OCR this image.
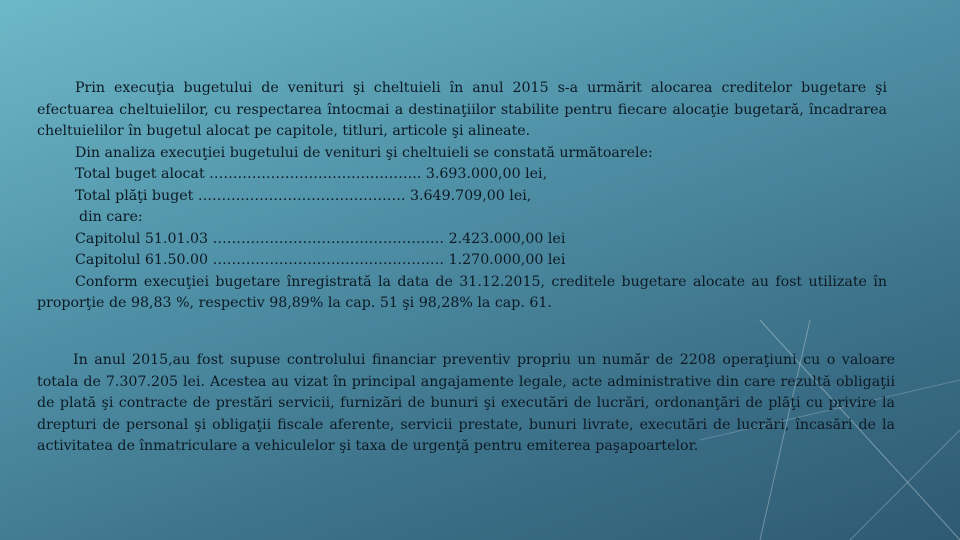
Prin execuţia bugetului de venituri şi cheltuieli în anul 2015 s-a urmărit alocarea creditelor bugetare şi efectuarea cheltuielilor, cu respectarea întocmai a destinaţiilor stabilite pentru fiecare alocaţie bugetară, încadrarea cheltuielilor în bugetul alocat pe capitole, titluri, articole şi alineate.

Din analiza execuţiei bugetului de venituri şi cheltuieli se constată următoarele:

Total buget alocat …………………………….……….. 3.693.000,00 lei,

Total plăţi buget ……….……………………………. 3.649.709,00 lei,

din care:

Capitolul 51.01.03 ……………………………………….… 2.423.000,00 lei

Capitolul 61.50.00 ……………………………………….… 1.270.000,00 lei

Conform execuţiei bugetare înregistrată la data de 31.12.2015, creditele bugetare alocate au fost utilizate în proporţie de 98,83 %, respectiv 98,89% la cap. 51 şi 98,28% la cap. 61.

In anul 2015,au fost supuse controlului financiar preventiv propriu un număr de 2208 operaţiuni cu o valoare totala de 7.307.205 lei. Acestea au vizat în principal angajamente legale, acte administrative din care rezultă obligaţii de plată şi contracte de prestări servicii, furnizări de bunuri şi executări de lucrări, ordonanţări de plăţi cu privire la drepturi de personal şi obligaţii fiscale aferente, servicii prestate, bunuri livrate, executări de lucrări, încasări de la activitatea de înmatriculare a vehiculelor şi taxa de urgenţă pentru emiterea paşapoartelor.
